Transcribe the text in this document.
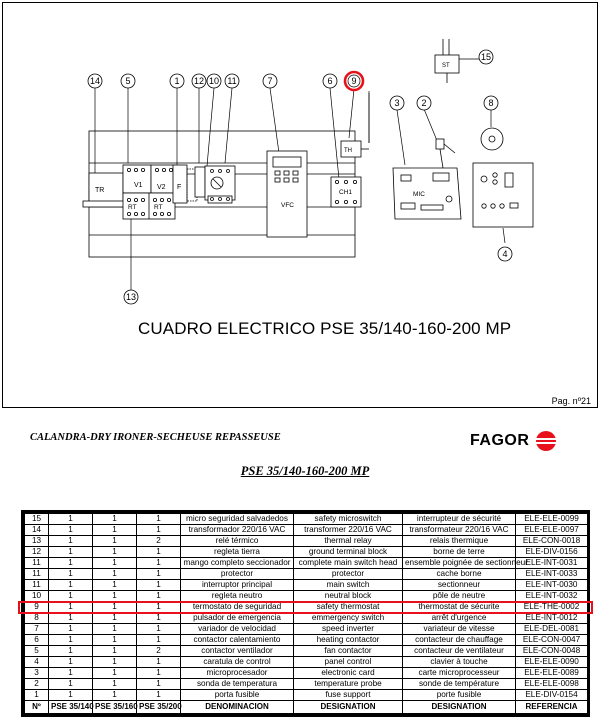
TR
V1 V2
RT	RT
F
VFC
CH1
TH
MIC
ST
14	5	1 12 10 11	7	6 9
3 2
15
8
4
13
CUADRO ELECTRICO PSE 35/140-160-200 MP
Pag. nº21
CALANDRA-DRY IRONER-SECHEUSE REPASSEUSE	FAGOR
PSE 35/140-160-200 MP
15	1	1	1	micro seguridad salvadedos	safety microswitch	interrupteur de sécurité	ELE-ELE-0099
14	1	1	1	transformador 220/16 VAC	transformer 220/16 VAC	transformateur 220/16 VAC	ELE-ELE-0097
13	1	1	2	relé térmico	thermal relay	relais thermique	ELE-CON-0018
12	1	1	1	regleta tierra	ground terminal block	borne de terre	ELE-DIV-0156
11	1	1	1	mango completo seccionador	complete main switch head	ensemble poignée de sectionneur	ELE-INT-0031
11	1	1	1	protector	protector	cache borne	ELE-INT-0033
11	1	1	1	interruptor principal	main switch	sectionneur	ELE-INT-0030
10	1	1	1	regleta neutro	neutral block	pôle de neutre	ELE-INT-0032
9	1	1	1	termostato de seguridad	safety thermostat	thermostat de sécurite	ELE-THE-0002
8	1	1	1	pulsador de emergencia	emmergency switch	arrêt d'urgence	ELE-INT-0012
7	1	1	1	variador de velocidad	speed inverter	variateur de vitesse	ELE-DEL-0081
6	1	1	1	contactor calentamiento	heating contactor	contacteur de chauffage	ELE-CON-0047
5	1	1	2	contactor ventilador	fan contactor	contacteur de ventilateur	ELE-CON-0048
4	1	1	1	caratula de control	panel control	clavier à touche	ELE-ELE-0090
3	1	1	1	microprocesador	electronic card	carte microprocesseur	ELE-ELE-0089
2	1	1	1	sonda de temperatura	temperature probe	sonde de température	ELE-ELE-0098
1	1	1	1	porta fusible	fuse support	porte fusible	ELE-DIV-0154
Nº	PSE 35/140	PSE 35/160	PSE 35/200	DENOMINACION	DESIGNATION	DESIGNATION	REFERENCIA
